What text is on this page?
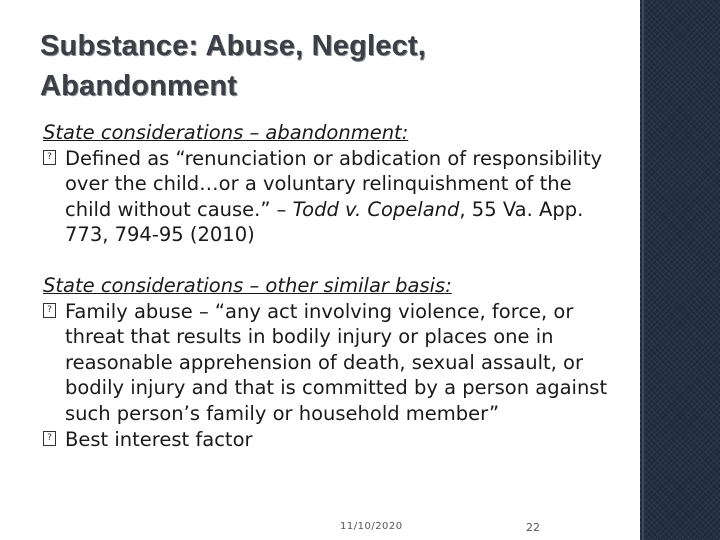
Substance: Abuse, Neglect, Abandonment
State considerations – abandonment:
? Defined as “renunciation or abdication of responsibility over the child…or a voluntary relinquishment of the child without cause.” – Todd v. Copeland, 55 Va. App. 773, 794-95 (2010)
State considerations – other similar basis:
? Family abuse – “any act involving violence, force, or threat that results in bodily injury or places one in reasonable apprehension of death, sexual assault, or bodily injury and that is committed by a person against such person’s family or household member”
? Best interest factor
11/10/2020	22
